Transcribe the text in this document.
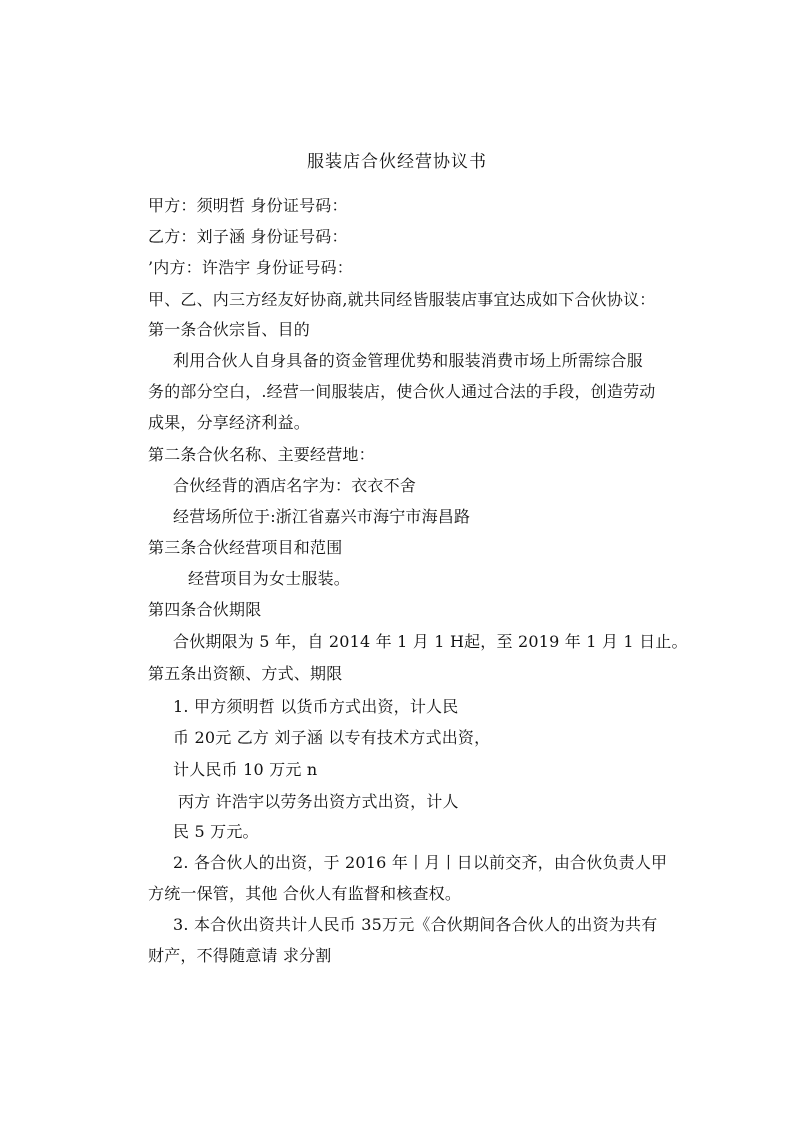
服装店合伙经营协议书
甲方：须明哲 身份证号码：
乙方：刘子涵 身份证号码：
’内方：许浩宇 身份证号码：
甲、乙、内三方经友好协商,就共同经皆服装店事宜达成如下合伙协议：
第一条合伙宗旨、目的
利用合伙人自身具备的资金管理优势和服装消费市场上所需综合服
务的部分空白，.经营一间服装店，使合伙人通过合法的手段，创造劳动
成果，分享经济利益。
第二条合伙名称、主要经营地：
合伙经背的酒店名字为：衣衣不舍
经营场所位于:浙江省嘉兴市海宁市海昌路
第三条合伙经营项目和范围
经营项目为女士服装。
第四条合伙期限
合伙期限为 5 年，自 2014 年 1 月 1 H起，至 2019 年 1 月 1 日止。
第五条出资额、方式、期限
1. 甲方须明哲 以货币方式出资，计人民
币 20元 乙方 刘子涵 以专有技术方式出资，
计人民币 10 万元 n
丙方 许浩宇以劳务出资方式出资，计人
民 5 万元。
2. 各合伙人的出资，于 2016 年丨月丨日以前交齐，由合伙负责人甲
方统一保管，其他 合伙人有监督和核查权。
3. 本合伙出资共计人民币 35万元《合伙期间各合伙人的出资为共有
财产，不得随意请 求分割
